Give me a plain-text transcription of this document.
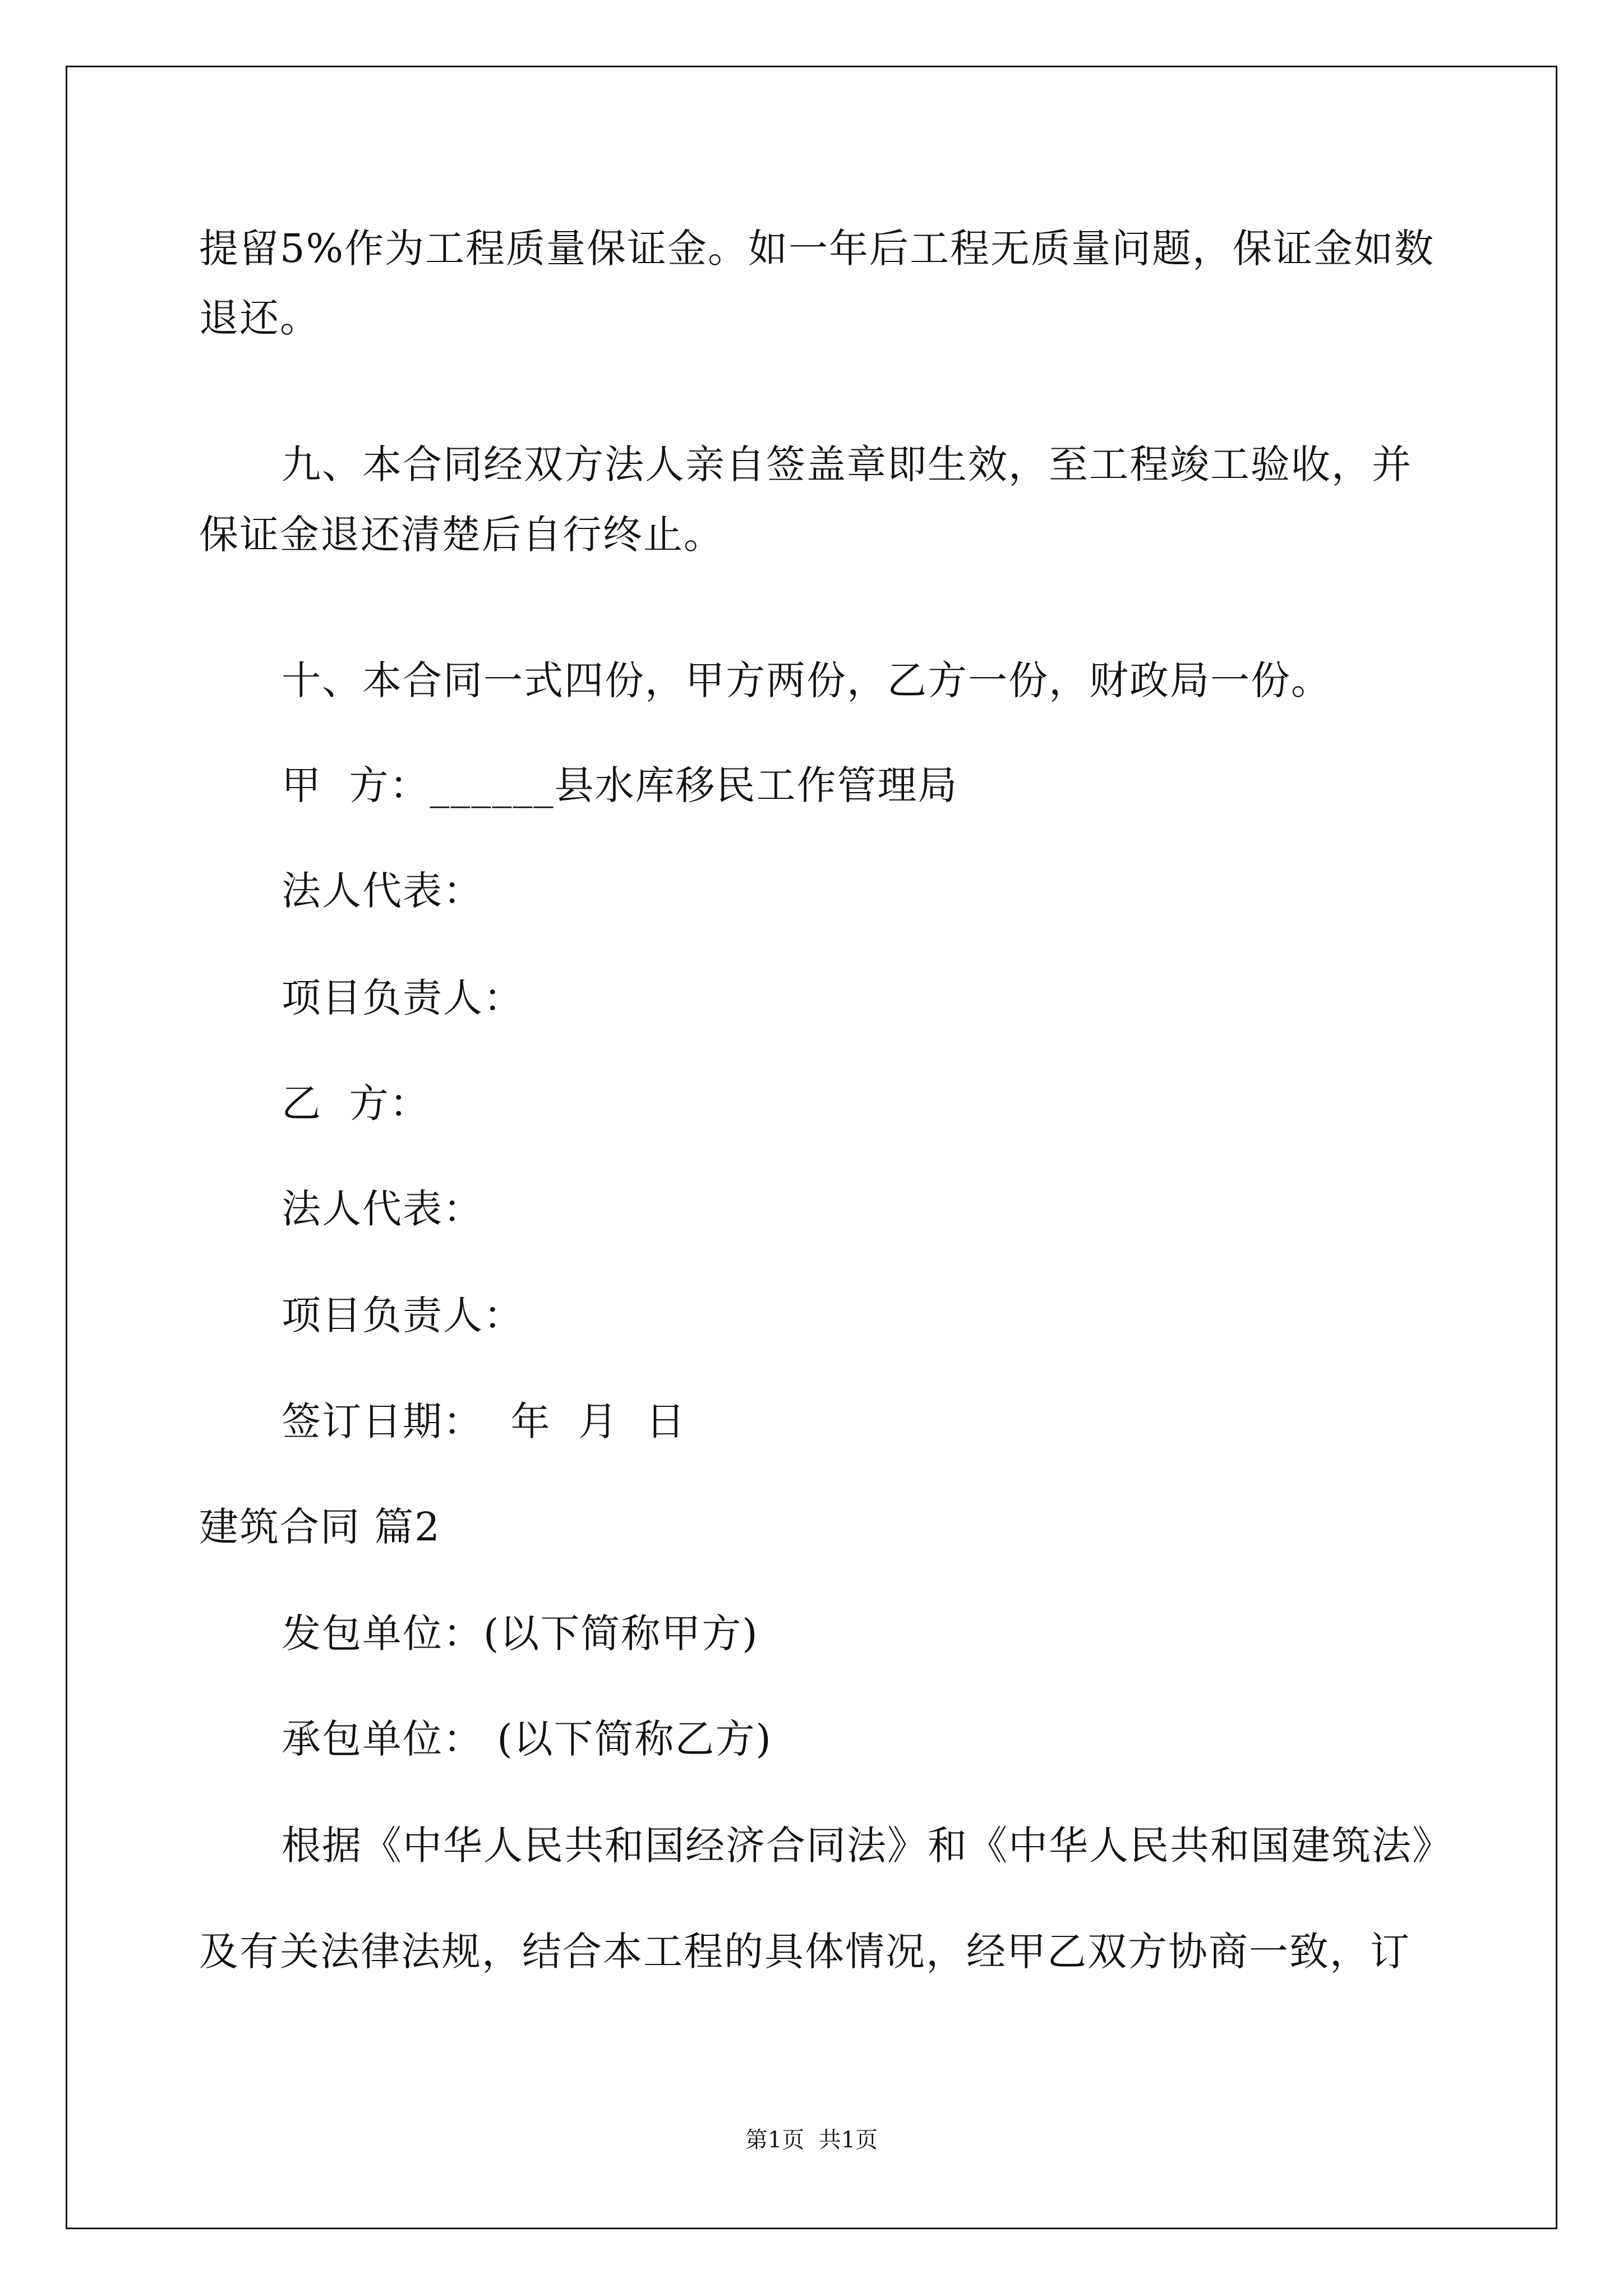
提留5%作为工程质量保证金。如一年后工程无质量问题，保证金如数
退还。
九、本合同经双方法人亲自签盖章即生效，至工程竣工验收，并
保证金退还清楚后自行终止。
十、本合同一式四份，甲方两份，乙方一份，财政局一份。
甲  方：______县水库移民工作管理局
法人代表：
项目负责人：
乙  方：
法人代表：
项目负责人：
签订日期：  年  月  日
建筑合同 篇2
发包单位：(以下简称甲方)
承包单位： (以下简称乙方)
根据《中华人民共和国经济合同法》和《中华人民共和国建筑法》
及有关法律法规，结合本工程的具体情况，经甲乙双方协商一致，订
第1页  共1页
